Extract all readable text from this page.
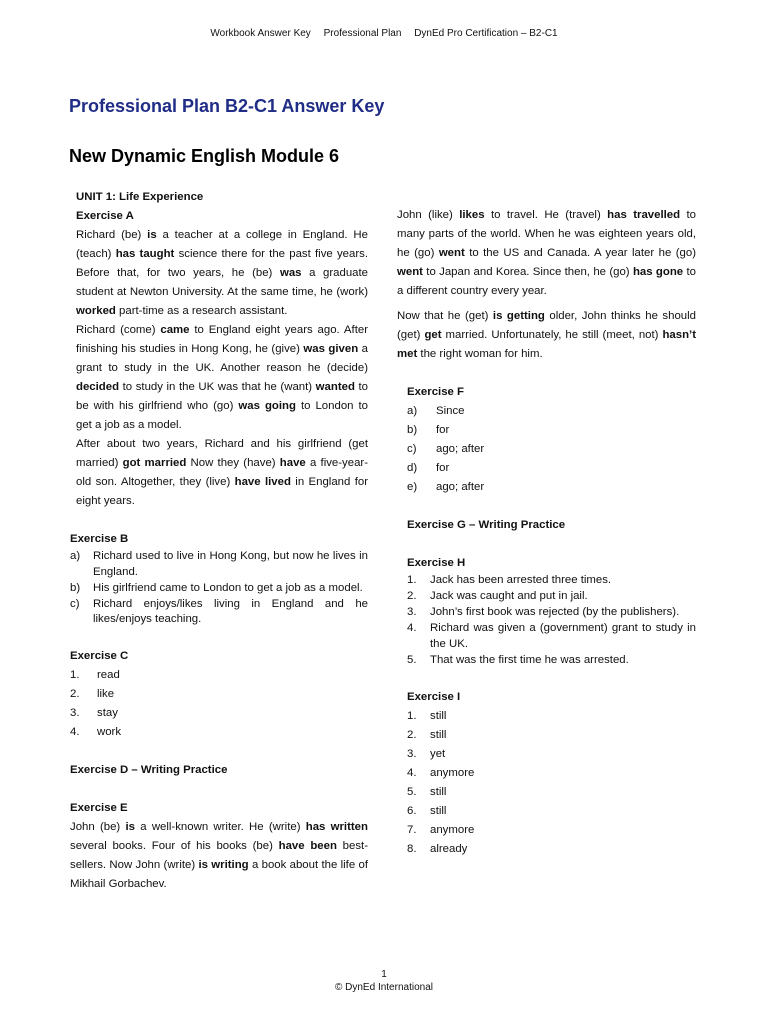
Workbook Answer Key Professional Plan DynEd Pro Certification – B2-C1
Professional Plan B2-C1 Answer Key
New Dynamic English Module 6

UNIT 1: Life Experience

Exercise A

Richard (be) is a teacher at a college in England. He (teach) has taught science there for the past five years. Before that, for two years, he (be) was a graduate student at Newton University. At the same time, he (work) worked part-time as a research assistant.

Richard (come) came to England eight years ago. After finishing his studies in Hong Kong, he (give) was given a grant to study in the UK. Another reason he (decide) decided to study in the UK was that he (want) wanted to be with his girlfriend who (go) was going to London to get a job as a model.

After about two years, Richard and his girlfriend (get married) got married Now they (have) have a five-year-old son. Altogether, they (live) have lived in England for eight years.

Exercise B

a)	Richard used to live in Hong Kong, but now he lives in England.
b)	His girlfriend came to London to get a job as a model.
c)	Richard enjoys/likes living in England and he likes/enjoys teaching.

Exercise C

1.	read
2.	like
3.	stay
4.	work

Exercise D – Writing Practice

Exercise E

John (be) is a well-known writer. He (write) has written several books. Four of his books (be) have been best-sellers. Now John (write) is writing a book about the life of Mikhail Gorbachev.

John (like) likes to travel. He (travel) has travelled to many parts of the world. When he was eighteen years old, he (go) went to the US and Canada. A year later he (go) went to Japan and Korea. Since then, he (go) has gone to a different country every year.

Now that he (get) is getting older, John thinks he should (get) get married. Unfortunately, he still (meet, not) hasn’t met the right woman for him.

Exercise F

a)	Since
b)	for
c)	ago; after
d)	for
e)	ago; after

Exercise G – Writing Practice

Exercise H

1.	Jack has been arrested three times.
2.	Jack was caught and put in jail.
3.	John’s first book was rejected (by the publishers).
4.	Richard was given a (government) grant to study in the UK.
5.	That was the first time he was arrested.

Exercise I

1.	still
2.	still
3.	yet
4.	anymore
5.	still
6.	still
7.	anymore
8.	already
1
© DynEd International
